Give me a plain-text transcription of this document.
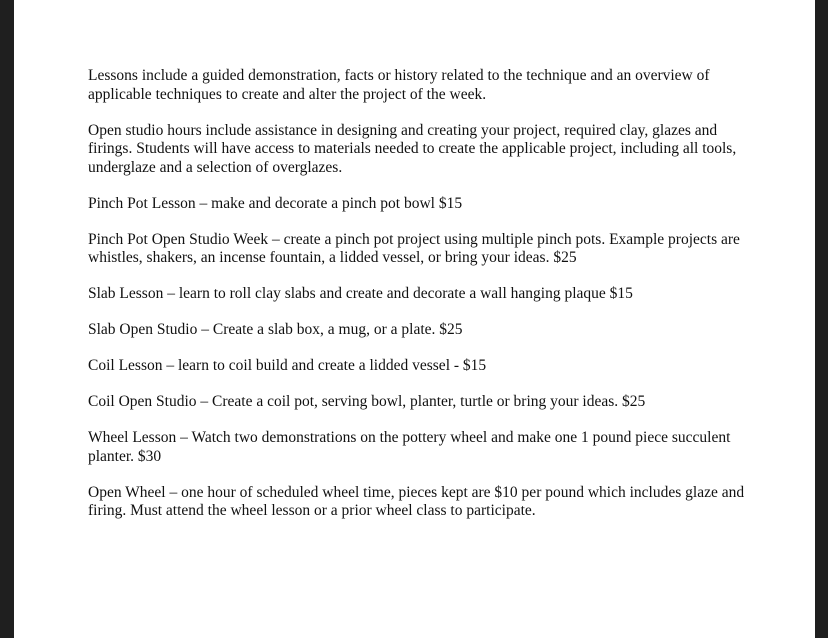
Lessons include a guided demonstration, facts or history related to the technique and an overview of applicable techniques to create and alter the project of the week.

Open studio hours include assistance in designing and creating your project, required clay, glazes and firings. Students will have access to materials needed to create the applicable project, including all tools, underglaze and a selection of overglazes.

Pinch Pot Lesson – make and decorate a pinch pot bowl $15

Pinch Pot Open Studio Week – create a pinch pot project using multiple pinch pots. Example projects are whistles, shakers, an incense fountain, a lidded vessel, or bring your ideas. $25

Slab Lesson – learn to roll clay slabs and create and decorate a wall hanging plaque $15

Slab Open Studio – Create a slab box, a mug, or a plate. $25

Coil Lesson – learn to coil build and create a lidded vessel - $15

Coil Open Studio – Create a coil pot, serving bowl, planter, turtle or bring your ideas. $25

Wheel Lesson – Watch two demonstrations on the pottery wheel and make one 1 pound piece succulent planter. $30

Open Wheel – one hour of scheduled wheel time, pieces kept are $10 per pound which includes glaze and firing. Must attend the wheel lesson or a prior wheel class to participate.
